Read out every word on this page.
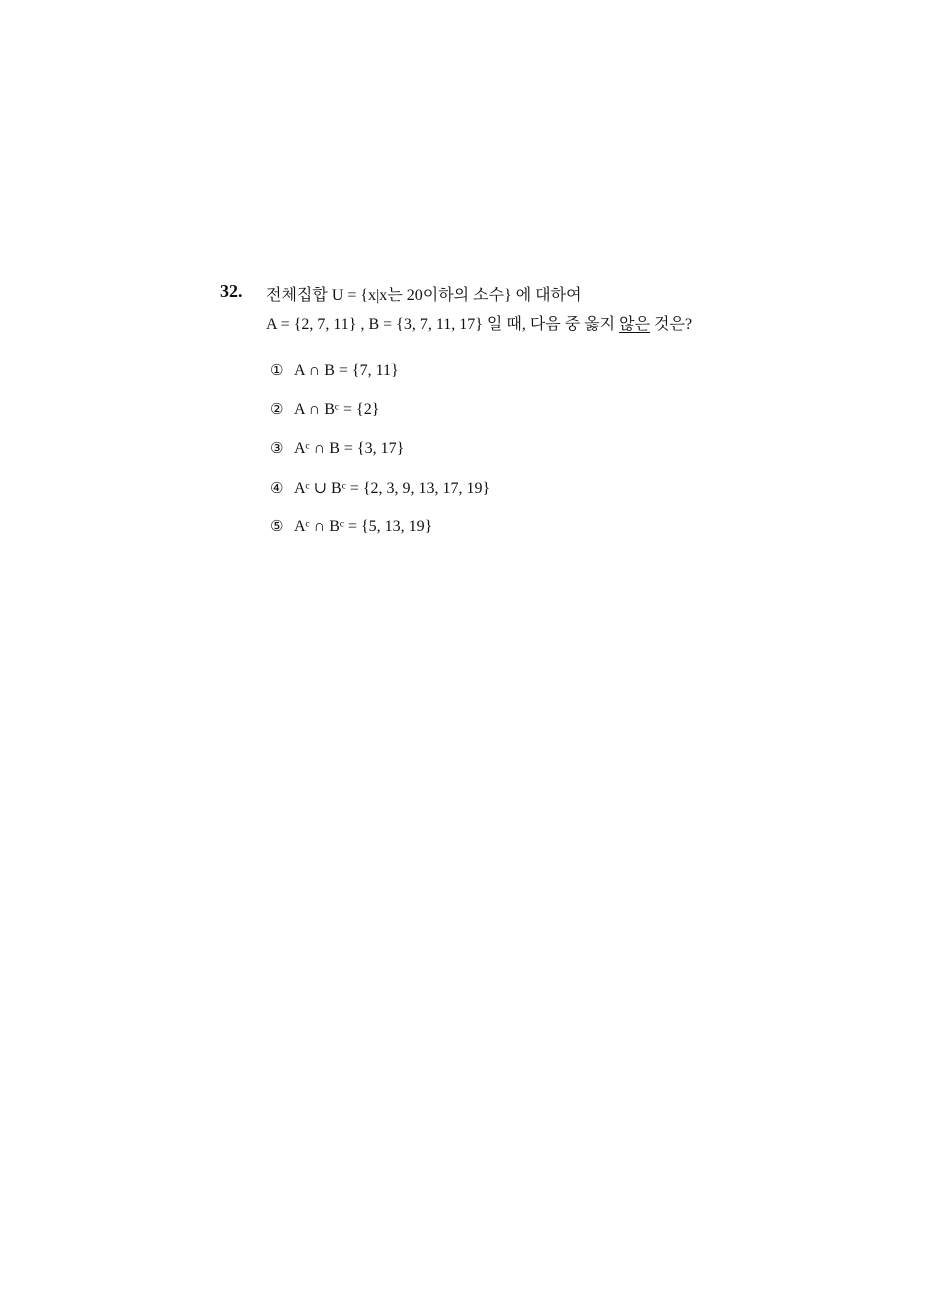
32. 전체집합 U = {x|x는 20이하의 소수} 에 대하여
A = {2, 7, 11} , B = {3, 7, 11, 17} 일 때, 다음 중 옳지 않은 것은?
① A ∩ B = {7, 11}
② A ∩ Bᶜ = {2}
③ Aᶜ ∩ B = {3, 17}
④ Aᶜ ∪ Bᶜ = {2, 3, 9, 13, 17, 19}
⑤ Aᶜ ∩ Bᶜ = {5, 13, 19}
